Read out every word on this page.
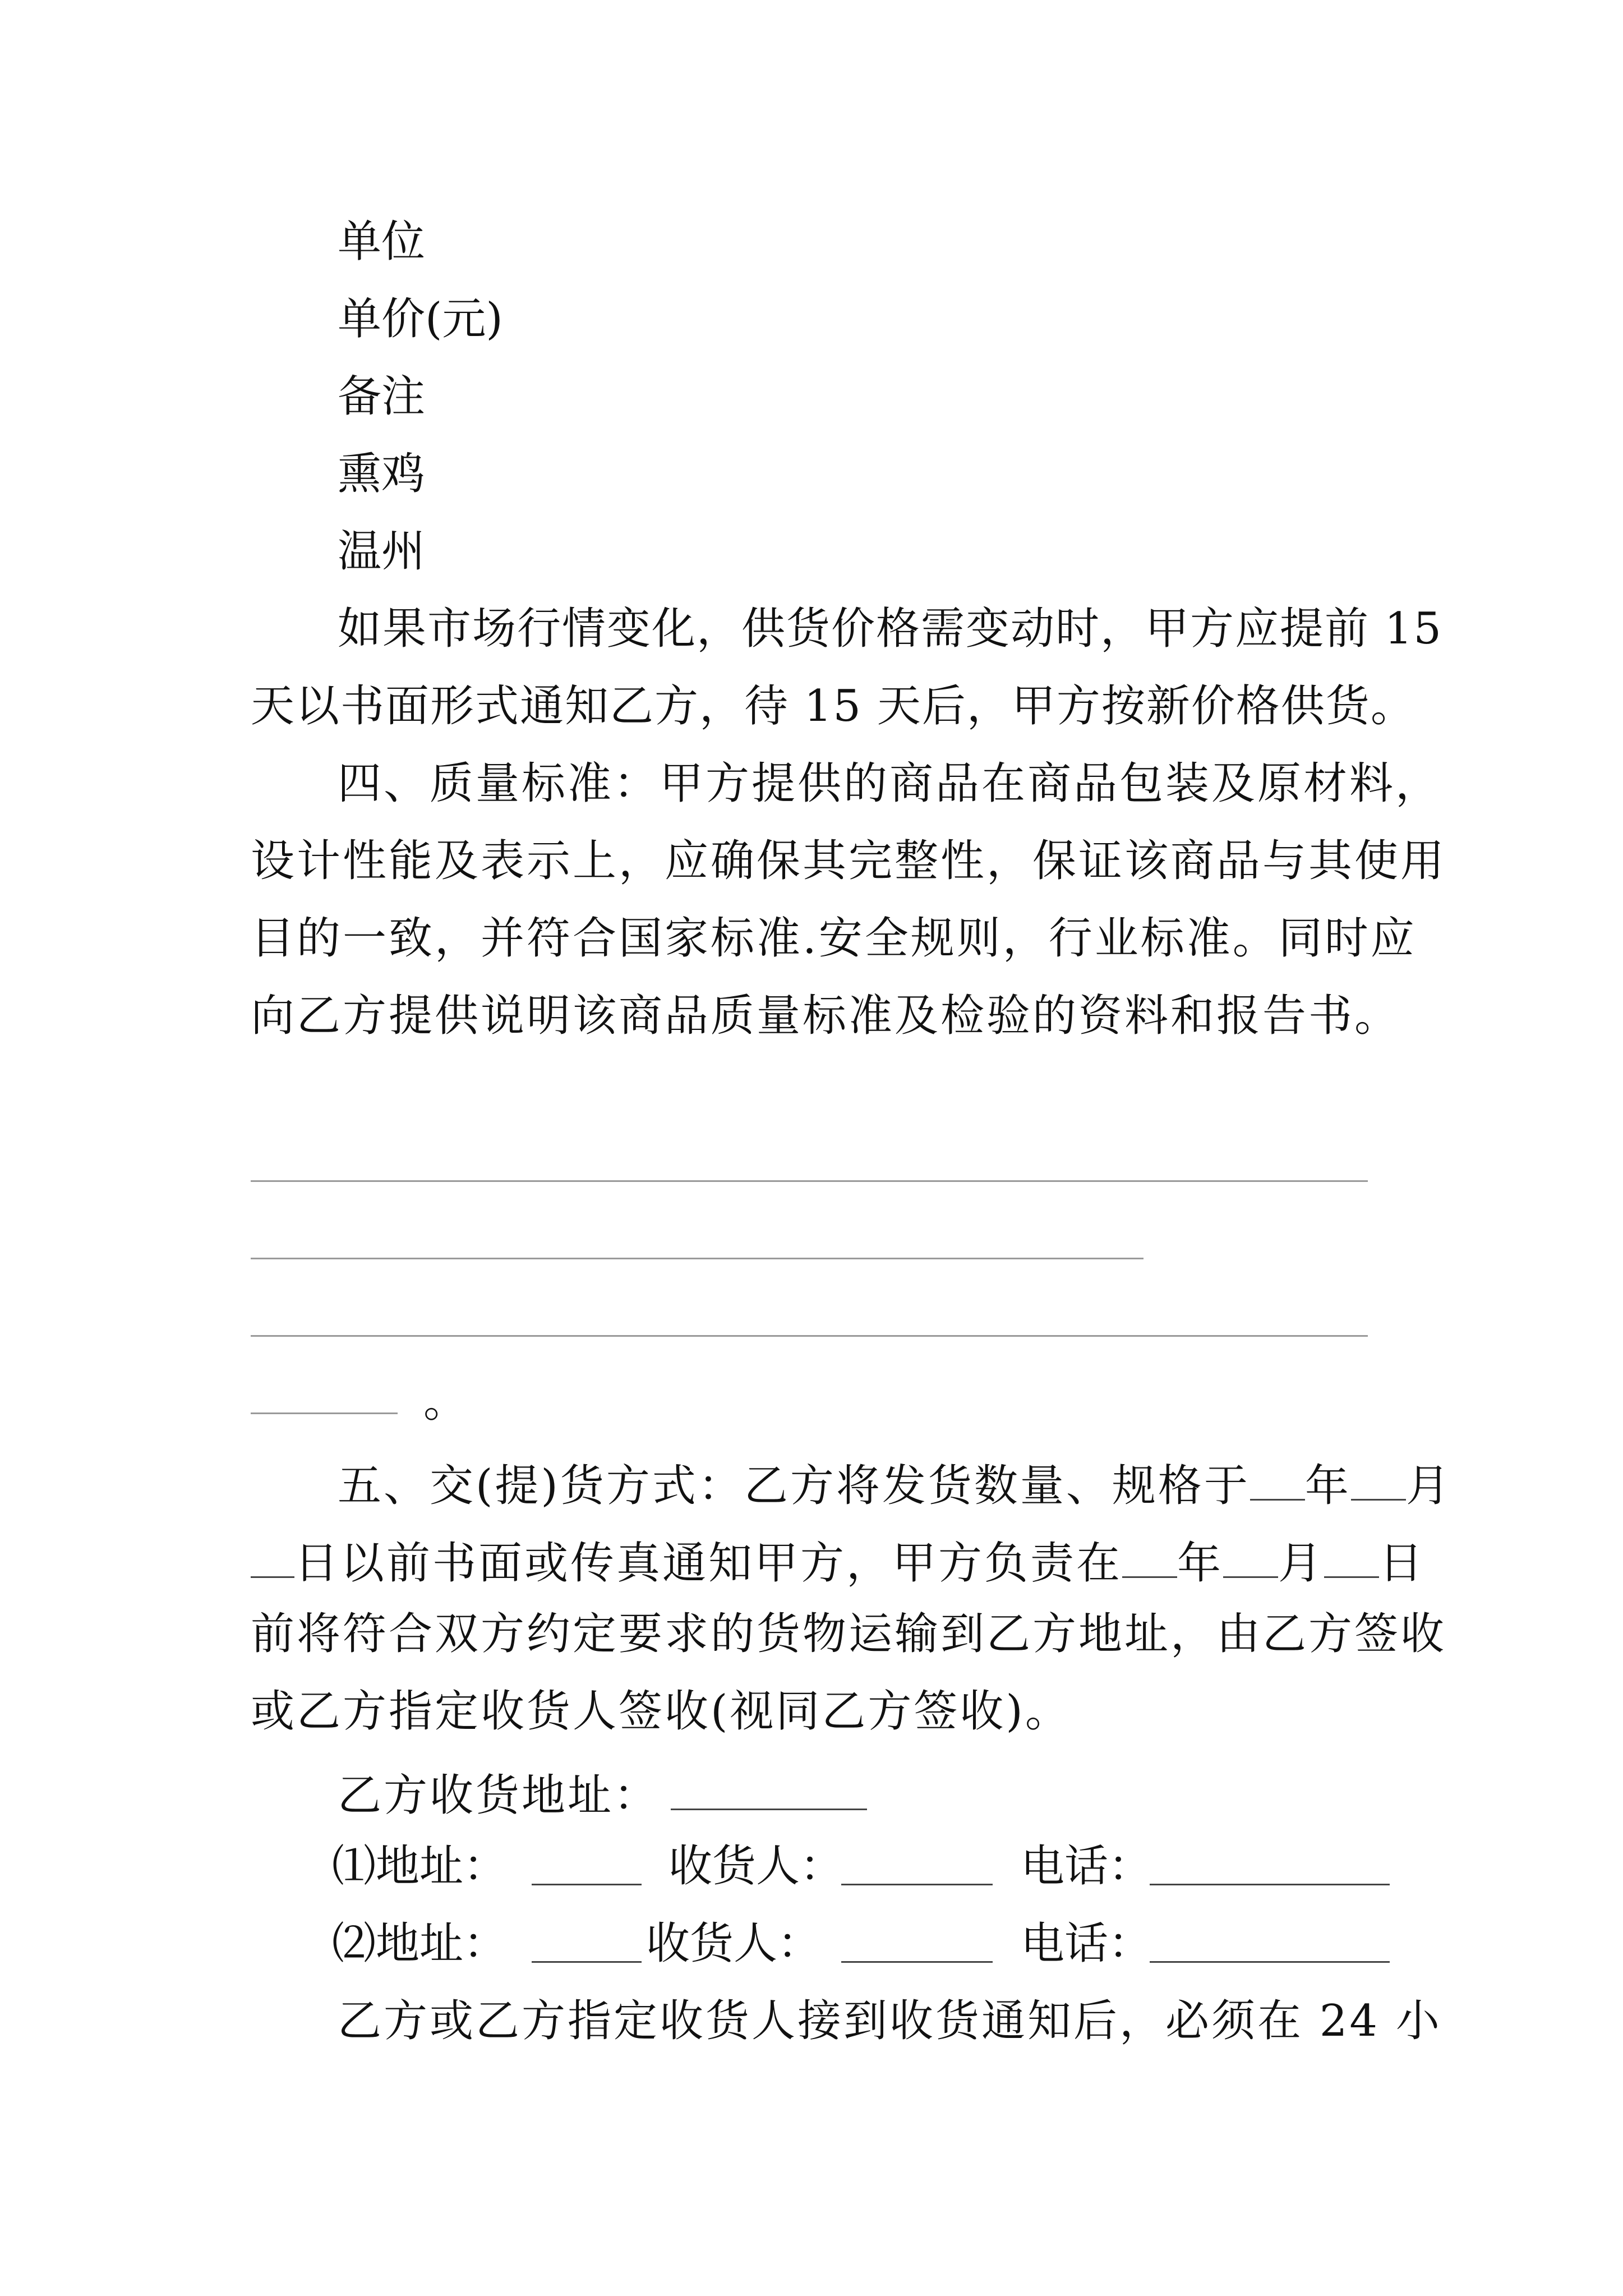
单位
单价(元)
备注
熏鸡
温州
如果市场行情变化，供货价格需变动时，甲方应提前 15
天以书面形式通知乙方，待 15 天后，甲方按新价格供货。
四、质量标准：甲方提供的商品在商品包装及原材料，
设计性能及表示上，应确保其完整性，保证该商品与其使用
目的一致，并符合国家标准.安全规则，行业标准。同时应
向乙方提供说明该商品质量标准及检验的资料和报告书。
。
五、交(提)货方式：乙方将发货数量、规格于 年 月
日以前书面或传真通知甲方，甲方负责在 年 月 日
前将符合双方约定要求的货物运输到乙方地址，由乙方签收
或乙方指定收货人签收(视同乙方签收)。
乙方收货地址：
⑴地址：	收货人：	电话：
⑵地址：	收货人：	电话：
乙方或乙方指定收货人接到收货通知后，必须在 24 小
